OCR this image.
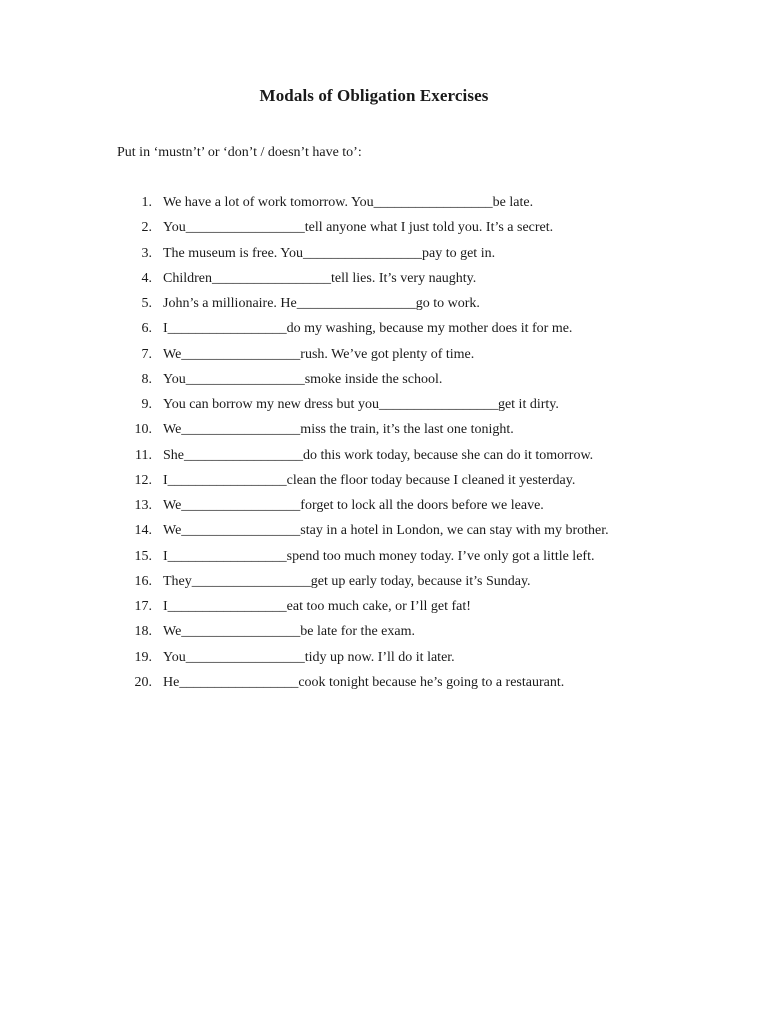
Modals of Obligation Exercises
Put in ‘mustn’t’ or ‘don’t / doesn’t have to’:
1. We have a lot of work tomorrow. You_________________be late.
2. You_________________tell anyone what I just told you. It’s a secret.
3. The museum is free. You_________________pay to get in.
4. Children_________________tell lies. It’s very naughty.
5. John’s a millionaire. He_________________go to work.
6. I_________________do my washing, because my mother does it for me.
7. We_________________rush. We’ve got plenty of time.
8. You_________________smoke inside the school.
9. You can borrow my new dress but you_________________get it dirty.
10. We_________________miss the train, it’s the last one tonight.
11. She_________________do this work today, because she can do it tomorrow.
12. I_________________clean the floor today because I cleaned it yesterday.
13. We_________________forget to lock all the doors before we leave.
14. We_________________stay in a hotel in London, we can stay with my brother.
15. I_________________spend too much money today. I’ve only got a little left.
16. They_________________get up early today, because it’s Sunday.
17. I_________________eat too much cake, or I’ll get fat!
18. We_________________be late for the exam.
19. You_________________tidy up now. I’ll do it later.
20. He_________________cook tonight because he’s going to a restaurant.
